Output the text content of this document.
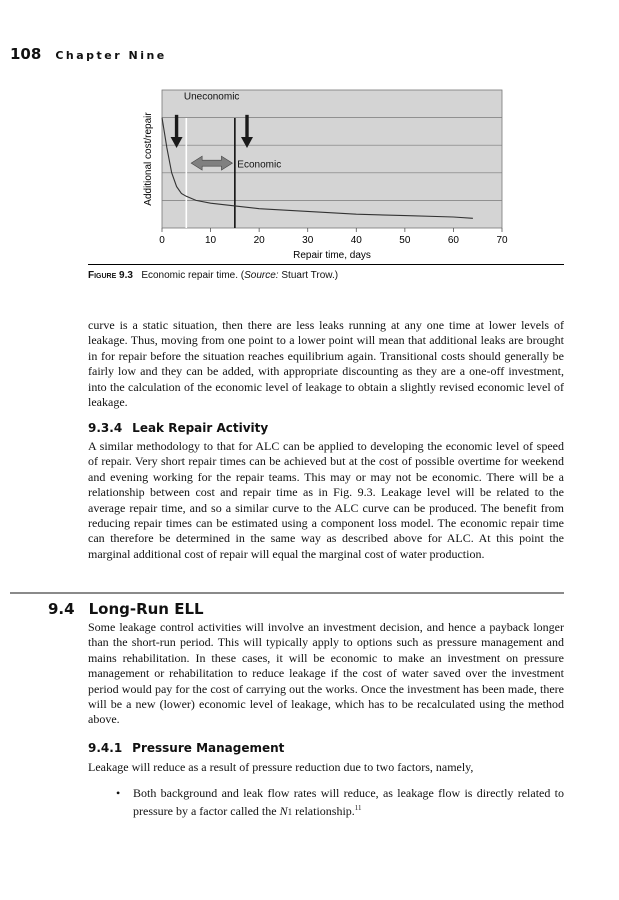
108 Chapter Nine
Uneconomic
Economic
0	10	20	30	40	50	60	70
Repair time, days
Additional cost/repair
Figure 9.3 Economic repair time. (Source: Stuart Trow.)

curve is a static situation, then there are less leaks running at any one time at lower levels of leakage. Thus, moving from one point to a lower point will mean that additional leaks are brought in for repair before the situation reaches equilibrium again. Transitional costs should generally be fairly low and they can be added, with appropriate discounting as they are a one-off investment, into the calculation of the economic level of leakage to obtain a slightly revised economic level of leakage.

9.3.4 Leak Repair Activity

A similar methodology to that for ALC can be applied to developing the economic level of speed of repair. Very short repair times can be achieved but at the cost of possible overtime for weekend and evening working for the repair teams. This may or may not be economic. There will be a relationship between cost and repair time as in Fig. 9.3. Leakage level will be related to the average repair time, and so a similar curve to the ALC curve can be produced. The benefit from reducing repair times can be estimated using a component loss model. The economic repair time can therefore be determined in the same way as described above for ALC. At this point the marginal additional cost of repair will equal the marginal cost of water production.

9.4 Long-Run ELL

Some leakage control activities will involve an investment decision, and hence a payback longer than the short-run period. This will typically apply to options such as pressure management and mains rehabilitation. In these cases, it will be economic to make an investment on pressure management or rehabilitation to reduce leakage if the cost of water saved over the investment period would pay for the cost of carrying out the works. Once the investment has been made, there will be a new (lower) economic level of leakage, which has to be recalculated using the method above.

9.4.1 Pressure Management

Leakage will reduce as a result of pressure reduction due to two factors, namely,

• Both background and leak flow rates will reduce, as leakage flow is directly related to pressure by a factor called the N1 relationship.$^{11}$
